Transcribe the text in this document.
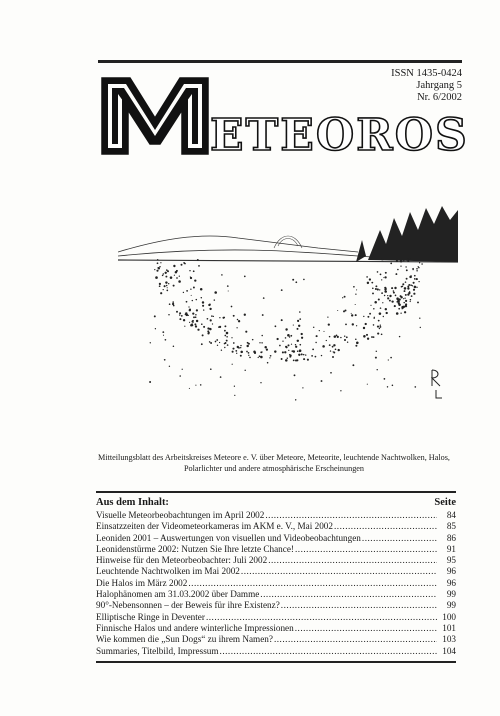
ISSN 1435-0424
Jahrgang 5
Nr. 6/2002
ETEOROS
Mitteilungsblatt des Arbeitskreises Meteore e. V. über Meteore, Meteorite, leuchtende Nachtwolken, Halos, Polarlichter und andere atmosphärische Erscheinungen
Aus dem Inhalt:	Seite
Visuelle Meteorbeobachtungen im April 2002 .....	84
Einsatzzeiten der Videometeorkameras im AKM e. V., Mai 2002 .....	85
Leoniden 2001 – Auswertungen von visuellen und Videobeobachtungen .....	86
Leonidenstürme 2002: Nutzen Sie Ihre letzte Chance! .....	91
Hinweise für den Meteorbeobachter: Juli 2002 .....	95
Leuchtende Nachtwolken im Mai 2002 .....	96
Die Halos im März 2002 .....	96
Halophänomen am 31.03.2002 über Damme .....	99
90°-Nebensonnen – der Beweis für ihre Existenz? .....	99
Elliptische Ringe in Deventer .....	100
Finnische Halos und andere winterliche Impressionen .....	101
Wie kommen die „Sun Dogs“ zu ihrem Namen? .....	103
Summaries, Titelbild, Impressum .....	104
